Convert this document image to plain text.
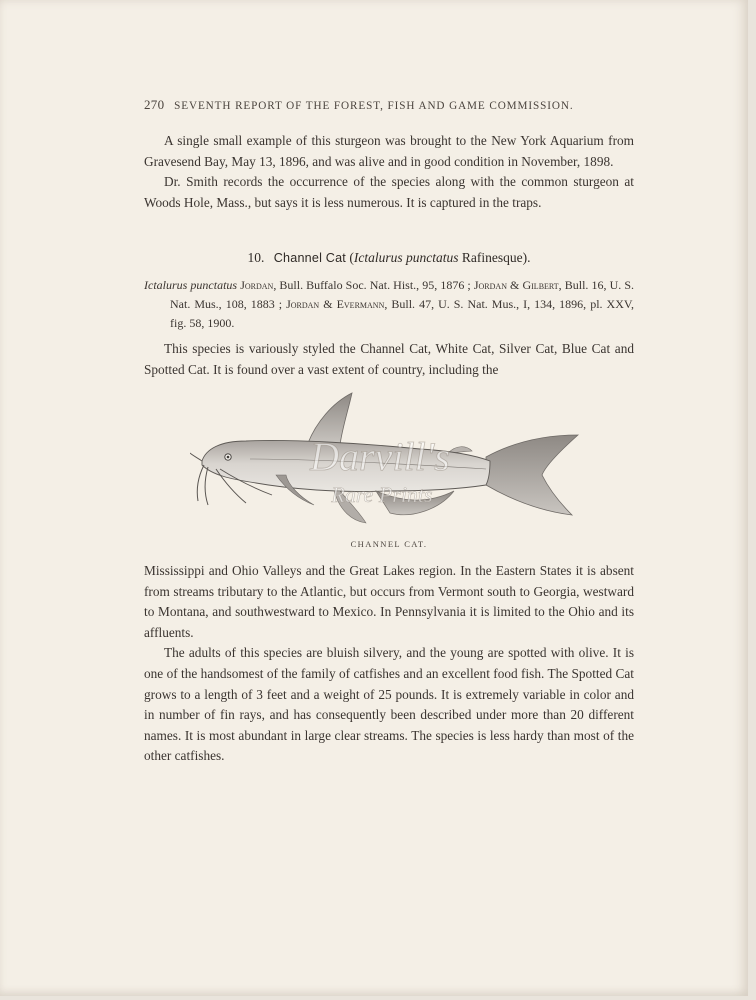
270 SEVENTH REPORT OF THE FOREST, FISH AND GAME COMMISSION.

A single small example of this sturgeon was brought to the New York Aquarium from Gravesend Bay, May 13, 1896, and was alive and in good condition in November, 1898.

Dr. Smith records the occurrence of the species along with the common sturgeon at Woods Hole, Mass., but says it is less numerous. It is captured in the traps.

10. Channel Cat (Ictalurus punctatus Rafinesque).

Ictalurus punctatus Jordan, Bull. Buffalo Soc. Nat. Hist., 95, 1876 ; Jordan & Gilbert, Bull. 16, U. S. Nat. Mus., 108, 1883 ; Jordan & Evermann, Bull. 47, U. S. Nat. Mus., I, 134, 1896, pl. XXV, fig. 58, 1900.

This species is variously styled the Channel Cat, White Cat, Silver Cat, Blue Cat and Spotted Cat. It is found over a vast extent of country, including the

Darvill's
Rare Prints
CHANNEL CAT.

Mississippi and Ohio Valleys and the Great Lakes region. In the Eastern States it is absent from streams tributary to the Atlantic, but occurs from Vermont south to Georgia, westward to Montana, and southwestward to Mexico. In Pennsylvania it is limited to the Ohio and its affluents.

The adults of this species are bluish silvery, and the young are spotted with olive. It is one of the handsomest of the family of catfishes and an excellent food fish. The Spotted Cat grows to a length of 3 feet and a weight of 25 pounds. It is extremely variable in color and in number of fin rays, and has consequently been described under more than 20 different names. It is most abundant in large clear streams. The species is less hardy than most of the other catfishes.
